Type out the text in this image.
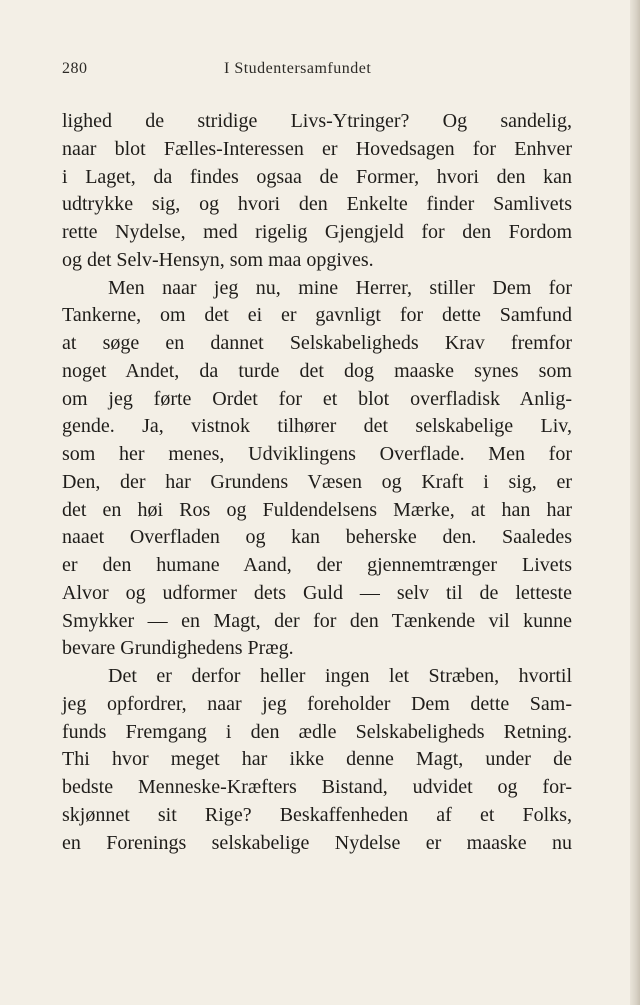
280	I Studentersamfundet
lighed de stridige Livs-Ytringer? Og sandelig,
naar blot Fælles-Interessen er Hovedsagen for Enhver
i Laget, da findes ogsaa de Former, hvori den kan
udtrykke sig, og hvori den Enkelte finder Samlivets
rette Nydelse, med rigelig Gjengjeld for den Fordom
og det Selv-Hensyn, som maa opgives.
Men naar jeg nu, mine Herrer, stiller Dem for
Tankerne, om det ei er gavnligt for dette Samfund
at søge en dannet Selskabeligheds Krav fremfor
noget Andet, da turde det dog maaske synes som
om jeg førte Ordet for et blot overfladisk Anlig-
gende. Ja, vistnok tilhører det selskabelige Liv,
som her menes, Udviklingens Overflade. Men for
Den, der har Grundens Væsen og Kraft i sig, er
det en høi Ros og Fuldendelsens Mærke, at han har
naaet Overfladen og kan beherske den. Saaledes
er den humane Aand, der gjennemtrænger Livets
Alvor og udformer dets Guld — selv til de letteste
Smykker — en Magt, der for den Tænkende vil kunne
bevare Grundighedens Præg.
Det er derfor heller ingen let Stræben, hvortil
jeg opfordrer, naar jeg foreholder Dem dette Sam-
funds Fremgang i den ædle Selskabeligheds Retning.
Thi hvor meget har ikke denne Magt, under de
bedste Menneske-Kræfters Bistand, udvidet og for-
skjønnet sit Rige? Beskaffenheden af et Folks,
en Forenings selskabelige Nydelse er maaske nu
